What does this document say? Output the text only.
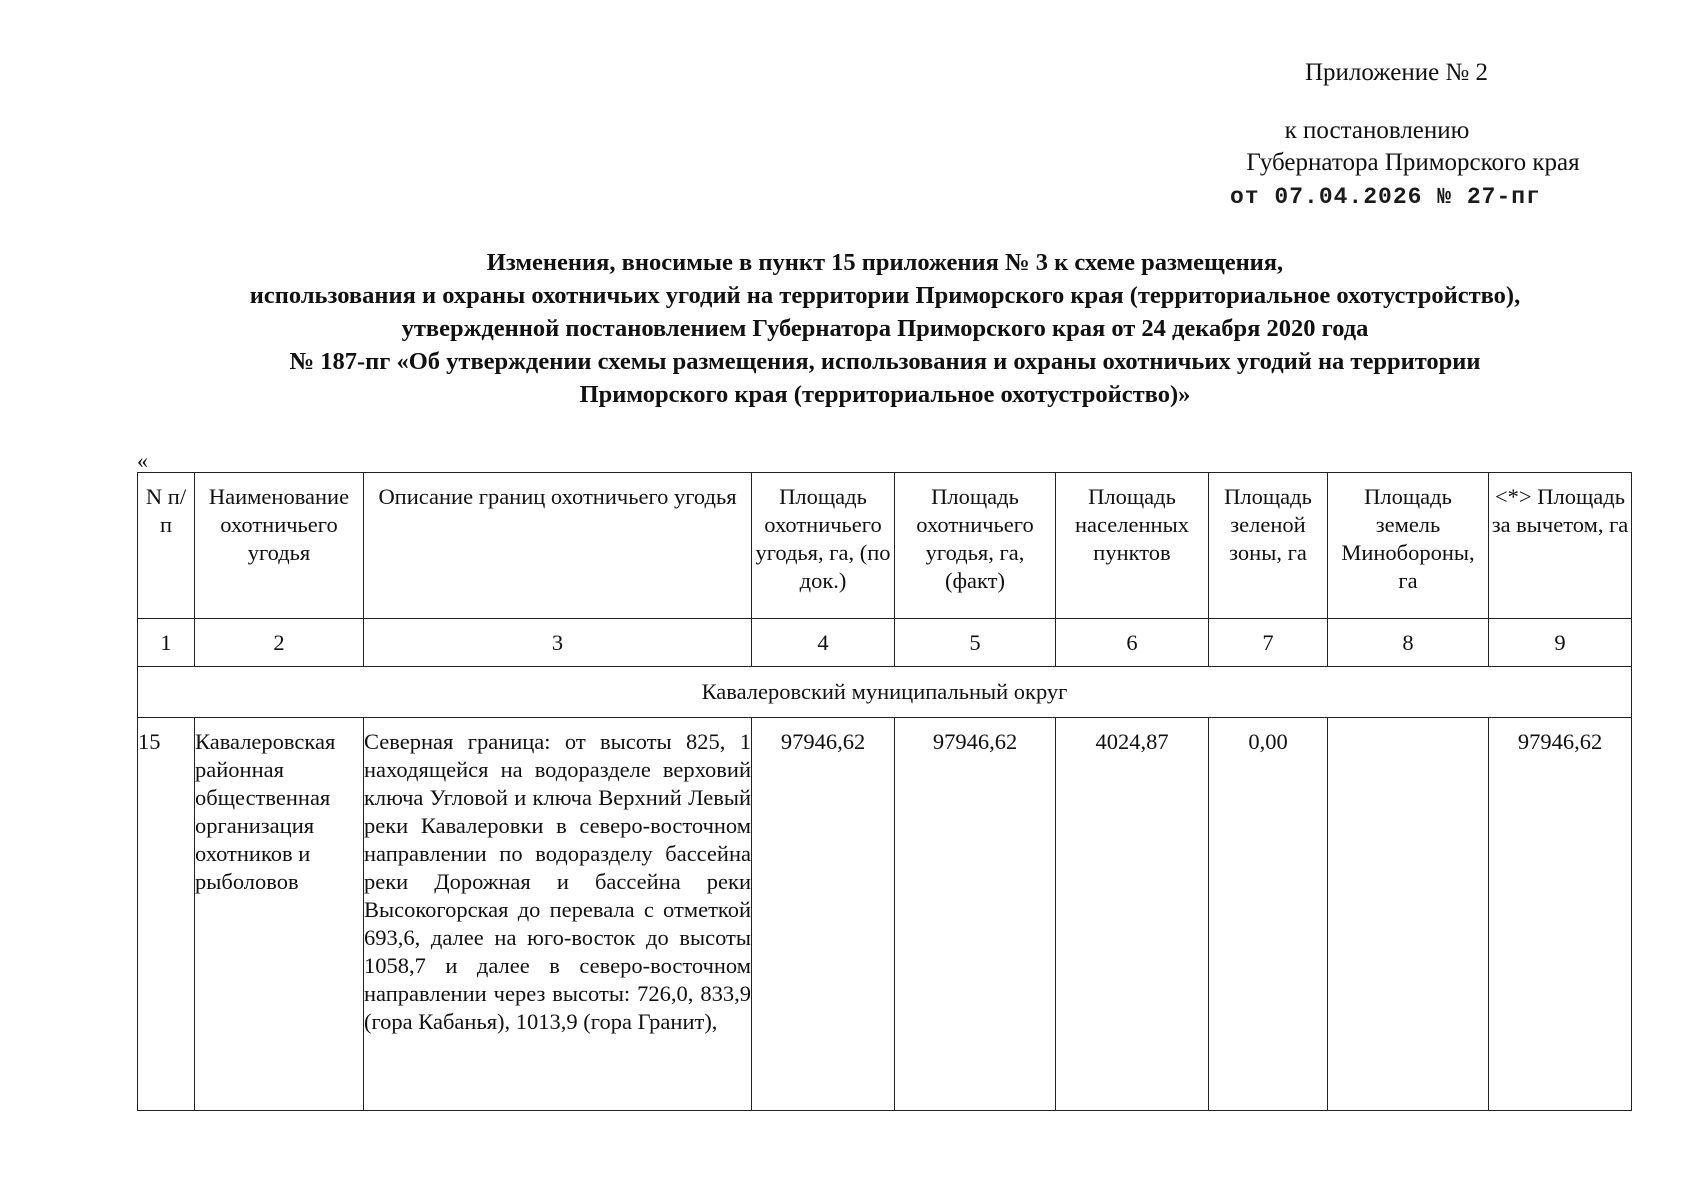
Приложение № 2
к постановлению
Губернатора Приморского края
от 07.04.2026 № 27-пг
Изменения, вносимые в пункт 15 приложения № 3 к схеме размещения,
использования и охраны охотничьих угодий на территории Приморского края (территориальное охотустройство),
утвержденной постановлением Губернатора Приморского края от 24 декабря 2020 года
№ 187-пг «Об утверждении схемы размещения, использования и охраны охотничьих угодий на территории
Приморского края (территориальное охотустройство)»
«
N п/п	Наименование охотничьего угодья	Описание границ охотничьего угодья	Площадь охотничьего угодья, га, (по док.)	Площадь охотничьего угодья, га, (факт)	Площадь населенных пунктов	Площадь зеленой зоны, га	Площадь земель Минобороны, га	<*> Площадь за вычетом, га
1	2	3	4	5	6	7	8	9
Кавалеровский муниципальный округ								
15	Кавалеровская районная общественная организация охотников и рыболовов	Северная граница: от высоты 825, 1 находящейся на водоразделе верховий ключа Угловой и ключа Верхний Левый реки Кавалеровки в северо-восточном направлении по водоразделу бассейна реки Дорожная и бассейна реки Высокогорская до перевала с отметкой 693,6, далее на юго-восток до высоты 1058,7 и далее в северо-восточном направлении через высоты: 726,0, 833,9 (гора Кабанья), 1013,9 (гора Гранит),	97946,62	97946,62	4024,87	0,00		97946,62
